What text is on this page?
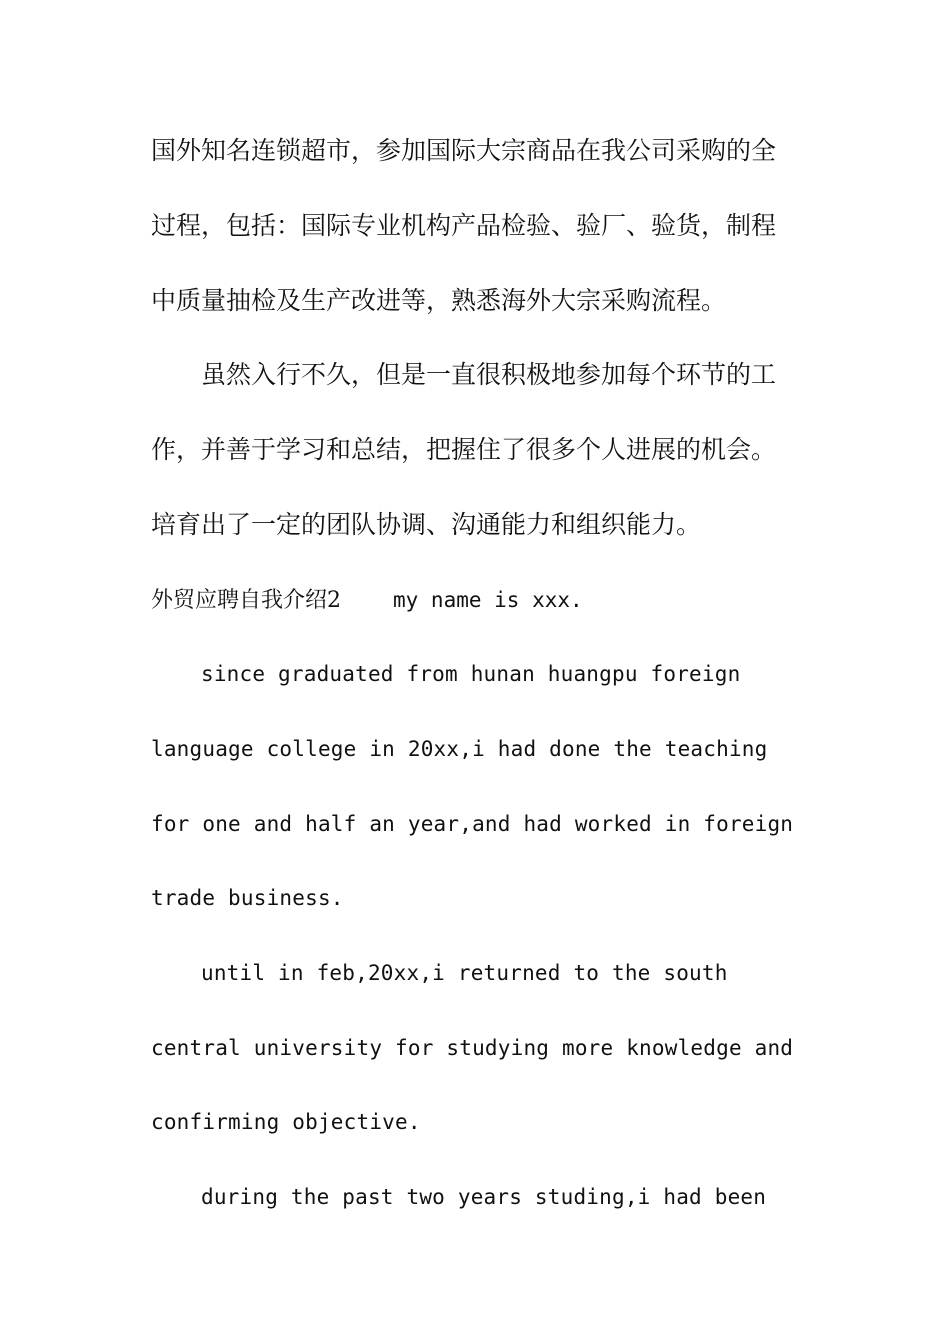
国外知名连锁超市，参加国际大宗商品在我公司采购的全
过程，包括：国际专业机构产品检验、验厂、验货，制程
中质量抽检及生产改进等，熟悉海外大宗采购流程。
虽然入行不久，但是一直很积极地参加每个环节的工
作，并善于学习和总结，把握住了很多个人进展的机会。
培育出了一定的团队协调、沟通能力和组织能力。
外贸应聘自我介绍2 my name is xxx.
since graduated from hunan huangpu foreign
language college in 20xx,i had done the teaching
for one and half an year,and had worked in foreign
trade business.
until in feb,20xx,i returned to the south
central university for studying more knowledge and
confirming objective.
during the past two years studing,i had been
